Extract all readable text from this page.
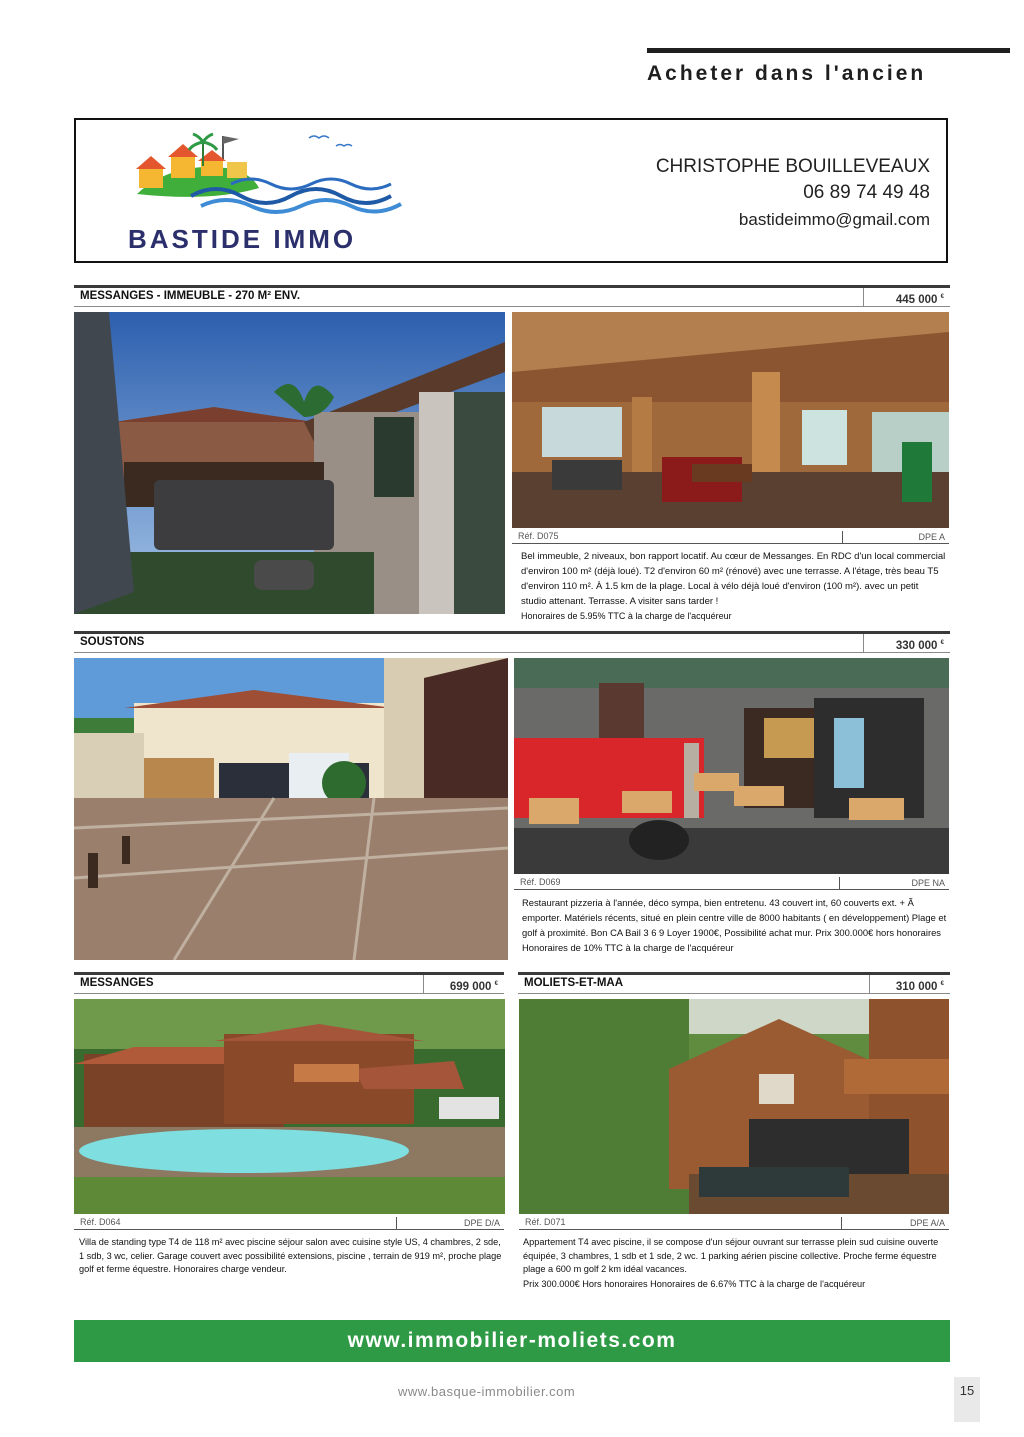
Acheter dans l'ancien
BASTIDE IMMO
CHRISTOPHE BOUILLEVEAUX
06 89 74 49 48
bastideimmo@gmail.com
MESSANGES - IMMEUBLE - 270 M² ENV.	445 000 €
Réf. D075	DPE A
Bel immeuble, 2 niveaux, bon rapport locatif. Au cœur de Messanges. En RDC d'un local commercial d'environ 100 m² (déjà loué). T2 d'environ 60 m² (rénové) avec une terrasse. A l'étage, très beau T5 d'environ 110 m². À 1.5 km de la plage. Local à vélo déjà loué d'environ (100 m²). avec un petit studio attenant. Terrasse. A visiter sans tarder !
Honoraires de 5.95% TTC à la charge de l'acquéreur
SOUSTONS	330 000 €
Réf. D069	DPE NA
Restaurant pizzeria à l'année, déco sympa, bien entretenu. 43 couvert int, 60 couverts ext. + Ã emporter. Matériels récents, situé en plein centre ville de 8000 habitants ( en développement) Plage et golf à proximité. Bon CA Bail 3 6 9 Loyer 1900€, Possibilité achat mur. Prix 300.000€ hors honoraires Honoraires de 10% TTC à la charge de l'acquéreur
MESSANGES	699 000 €
Réf. D064	DPE D/A
Villa de standing type T4 de 118 m² avec piscine séjour salon avec cuisine style US, 4 chambres, 2 sde, 1 sdb, 3 wc, celier. Garage couvert avec possibilité extensions, piscine , terrain de 919 m², proche plage golf et ferme équestre. Honoraires charge vendeur.
MOLIETS-ET-MAA	310 000 €
Réf. D071	DPE A/A
Appartement T4 avec piscine, il se compose d'un séjour ouvrant sur terrasse plein sud cuisine ouverte équipée, 3 chambres, 1 sdb et 1 sde, 2 wc. 1 parking aérien piscine collective. Proche ferme équestre plage a 600 m golf 2 km idéal vacances.
Prix 300.000€ Hors honoraires Honoraires de 6.67% TTC à la charge de l'acquéreur
www.immobilier-moliets.com
www.basque-immobilier.com	15
